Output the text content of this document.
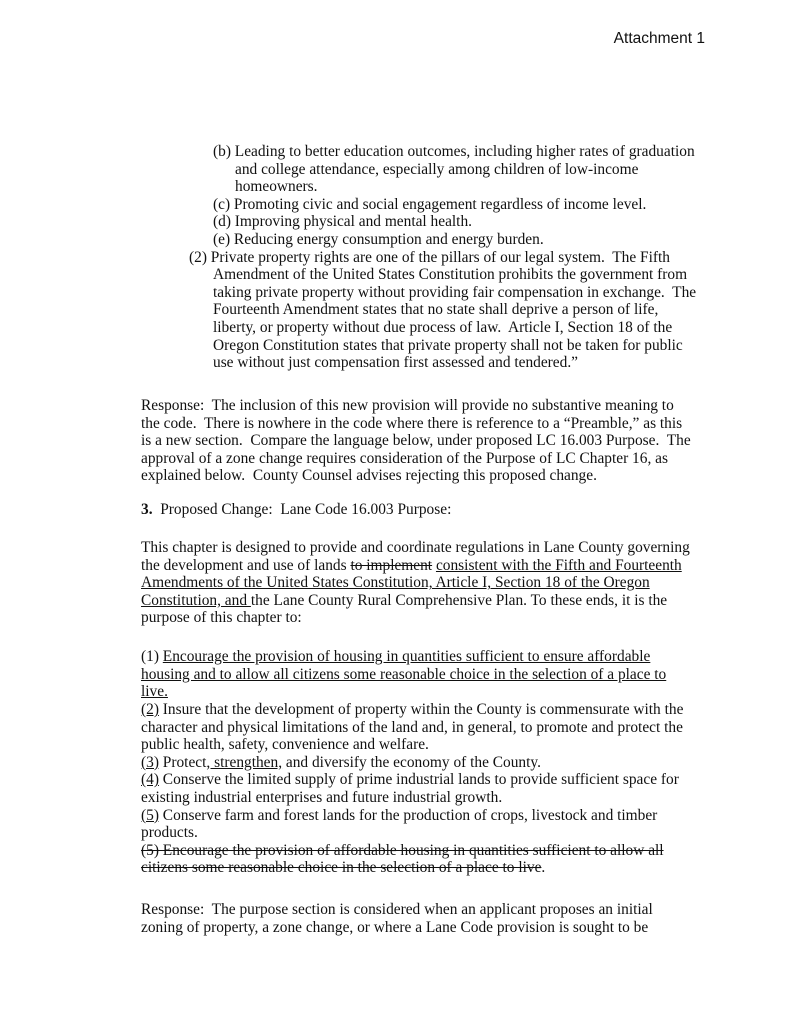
Attachment 1
(b) Leading to better education outcomes, including higher rates of graduation
and college attendance, especially among children of low-income
homeowners.
(c) Promoting civic and social engagement regardless of income level.
(d) Improving physical and mental health.
(e) Reducing energy consumption and energy burden.
(2) Private property rights are one of the pillars of our legal system.  The Fifth
Amendment of the United States Constitution prohibits the government from
taking private property without providing fair compensation in exchange.  The
Fourteenth Amendment states that no state shall deprive a person of life,
liberty, or property without due process of law.  Article I, Section 18 of the
Oregon Constitution states that private property shall not be taken for public
use without just compensation first assessed and tendered.”
Response:  The inclusion of this new provision will provide no substantive meaning to
the code.  There is nowhere in the code where there is reference to a “Preamble,” as this
is a new section.  Compare the language below, under proposed LC 16.003 Purpose.  The
approval of a zone change requires consideration of the Purpose of LC Chapter 16, as
explained below.  County Counsel advises rejecting this proposed change.
3.  Proposed Change:  Lane Code 16.003 Purpose:
This chapter is designed to provide and coordinate regulations in Lane County governing
the development and use of lands to implement consistent with the Fifth and Fourteenth
Amendments of the United States Constitution, Article I, Section 18 of the Oregon
Constitution, and the Lane County Rural Comprehensive Plan. To these ends, it is the
purpose of this chapter to:
(1) Encourage the provision of housing in quantities sufficient to ensure affordable
housing and to allow all citizens some reasonable choice in the selection of a place to
live.
(2) Insure that the development of property within the County is commensurate with the
character and physical limitations of the land and, in general, to promote and protect the
public health, safety, convenience and welfare.
(3) Protect, strengthen, and diversify the economy of the County.
(4) Conserve the limited supply of prime industrial lands to provide sufficient space for
existing industrial enterprises and future industrial growth.
(5) Conserve farm and forest lands for the production of crops, livestock and timber
products.
(5) Encourage the provision of affordable housing in quantities sufficient to allow all
citizens some reasonable choice in the selection of a place to live.
Response:  The purpose section is considered when an applicant proposes an initial
zoning of property, a zone change, or where a Lane Code provision is sought to be
